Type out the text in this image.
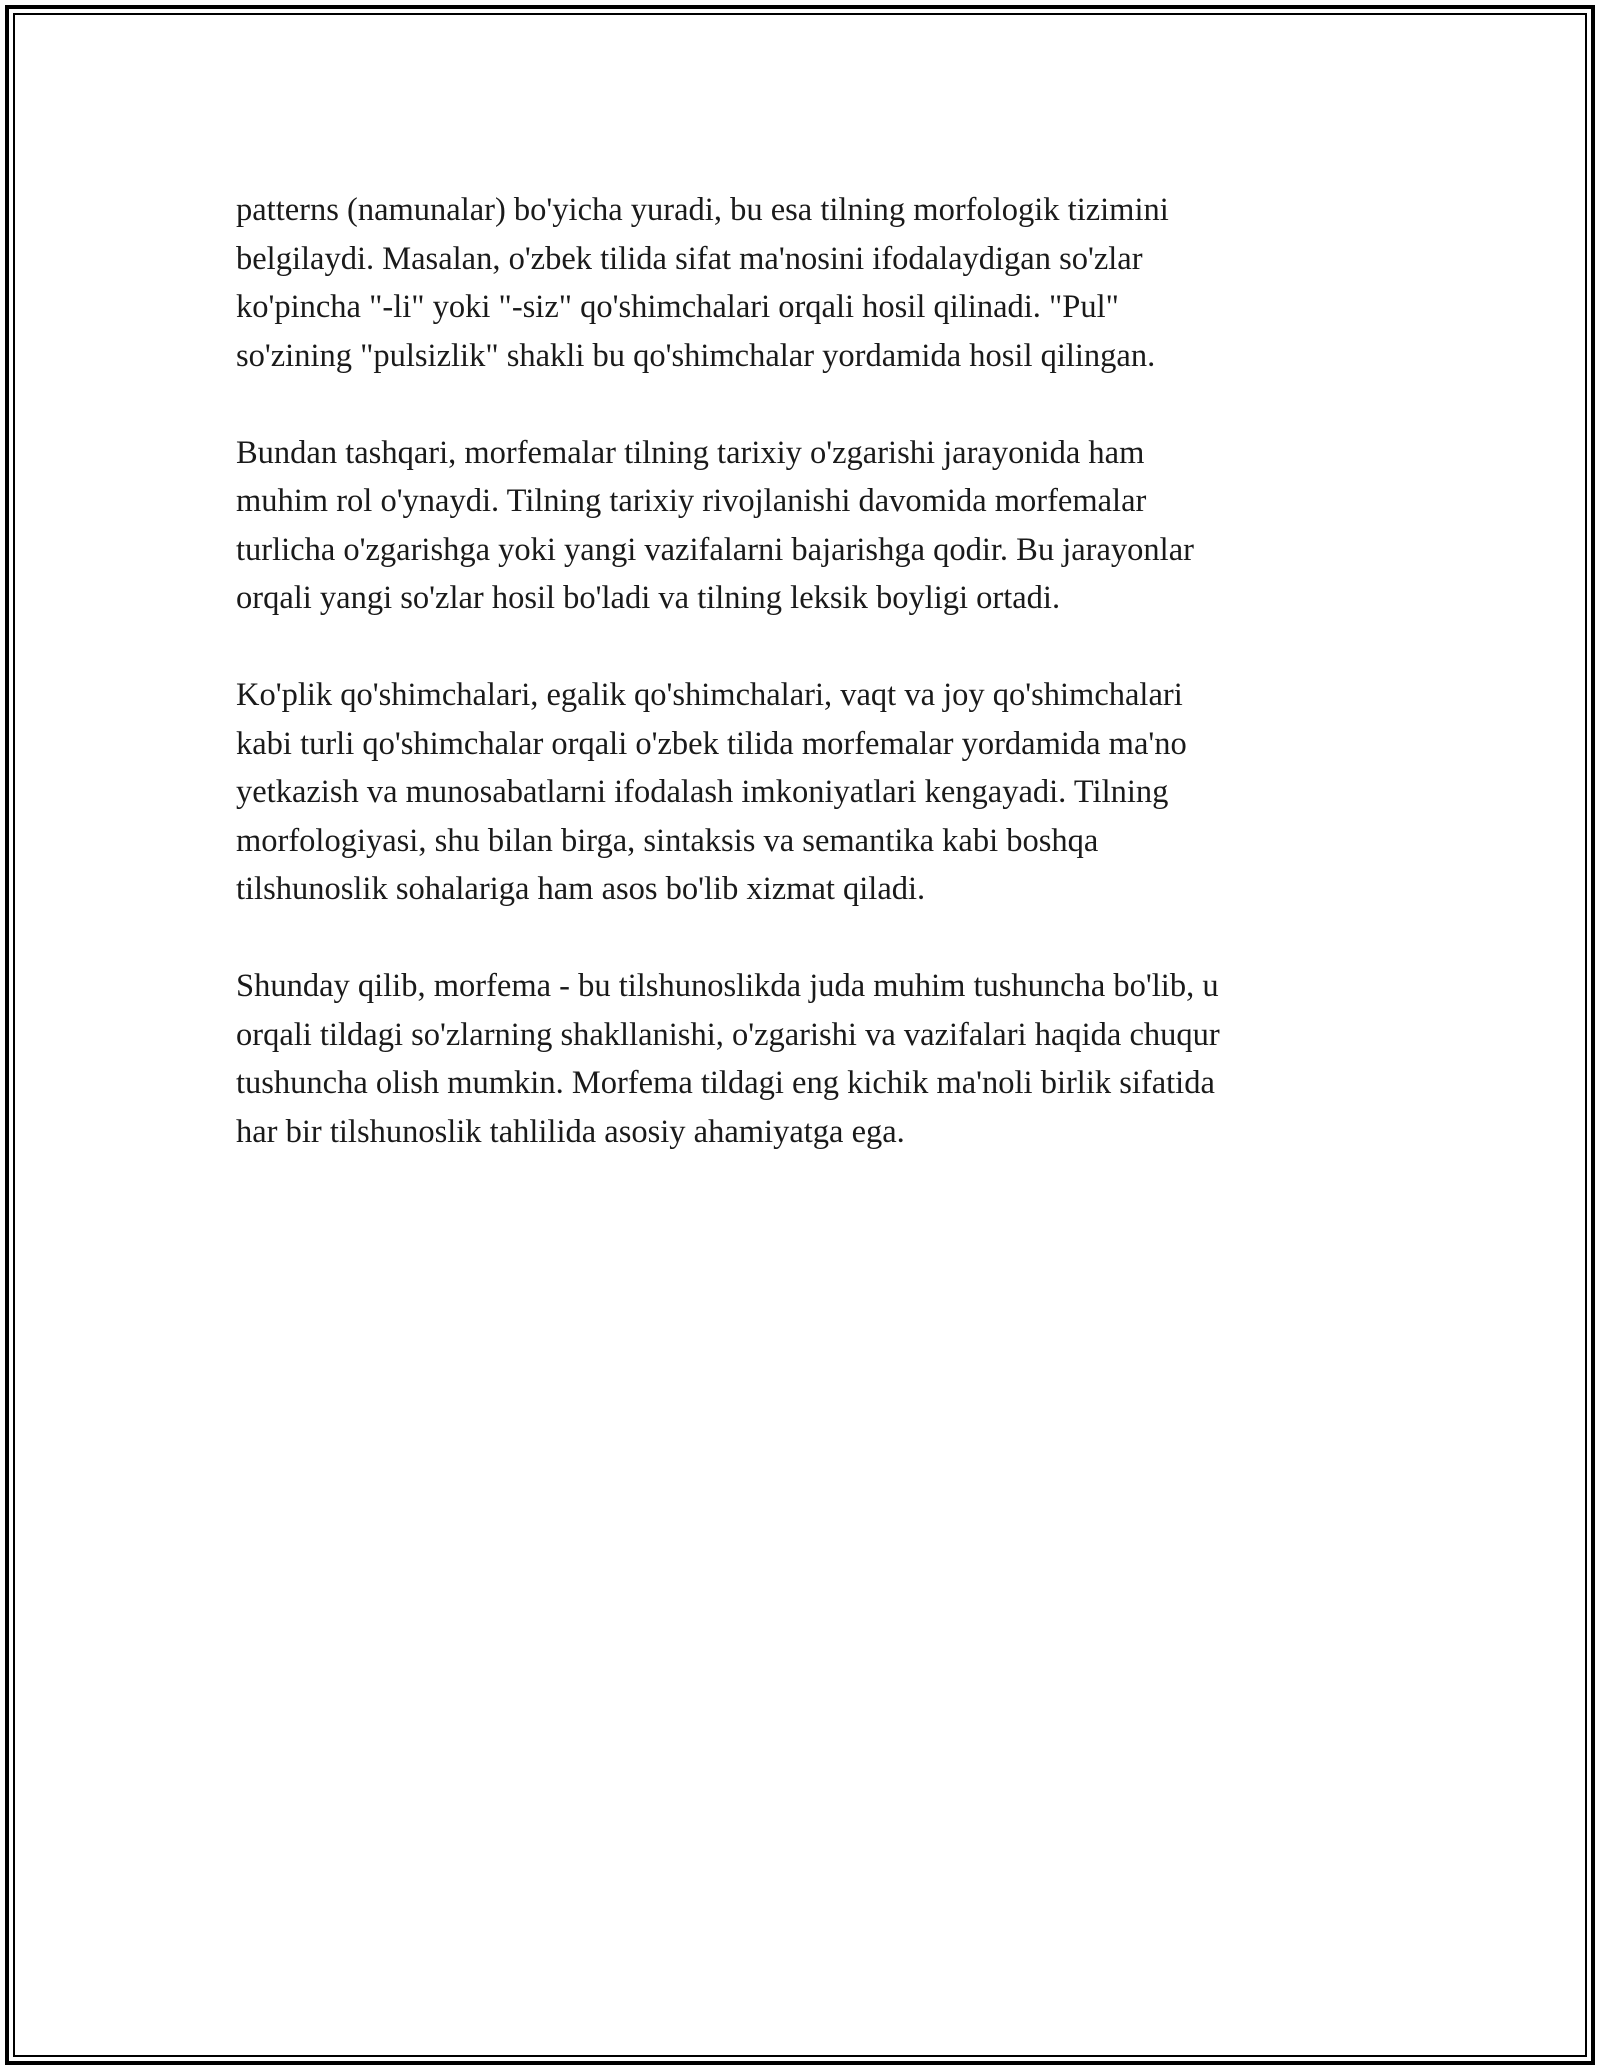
patterns (namunalar) bo'yicha yuradi, bu esa tilning morfologik tizimini
belgilaydi. Masalan, o'zbek tilida sifat ma'nosini ifodalaydigan so'zlar
ko'pincha "-li" yoki "-siz" qo'shimchalari orqali hosil qilinadi. "Pul"
so'zining "pulsizlik" shakli bu qo'shimchalar yordamida hosil qilingan.

Bundan tashqari, morfemalar tilning tarixiy o'zgarishi jarayonida ham
muhim rol o'ynaydi. Tilning tarixiy rivojlanishi davomida morfemalar
turlicha o'zgarishga yoki yangi vazifalarni bajarishga qodir. Bu jarayonlar
orqali yangi so'zlar hosil bo'ladi va tilning leksik boyligi ortadi.

Ko'plik qo'shimchalari, egalik qo'shimchalari, vaqt va joy qo'shimchalari
kabi turli qo'shimchalar orqali o'zbek tilida morfemalar yordamida ma'no
yetkazish va munosabatlarni ifodalash imkoniyatlari kengayadi. Tilning
morfologiyasi, shu bilan birga, sintaksis va semantika kabi boshqa
tilshunoslik sohalariga ham asos bo'lib xizmat qiladi.

Shunday qilib, morfema - bu tilshunoslikda juda muhim tushuncha bo'lib, u
orqali tildagi so'zlarning shakllanishi, o'zgarishi va vazifalari haqida chuqur
tushuncha olish mumkin. Morfema tildagi eng kichik ma'noli birlik sifatida
har bir tilshunoslik tahlilida asosiy ahamiyatga ega.
